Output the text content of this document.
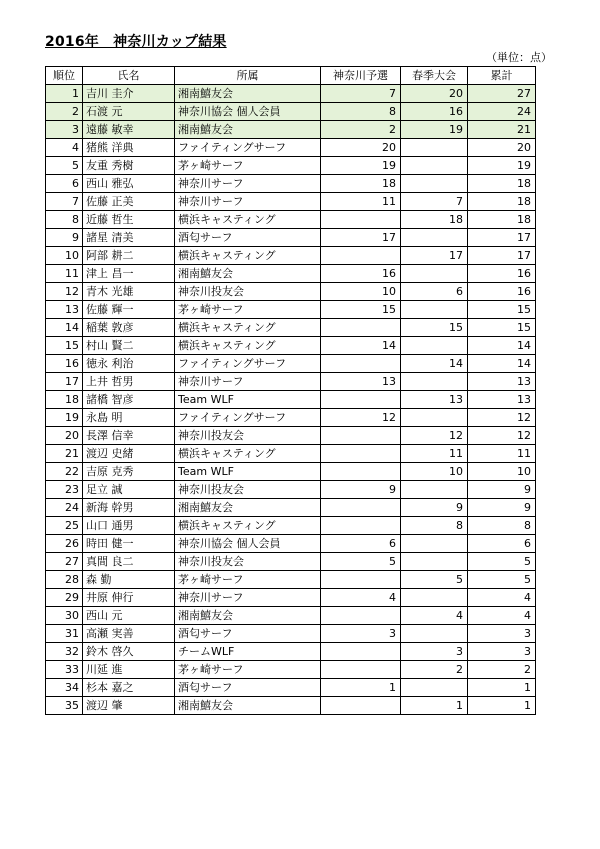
2016年　神奈川カップ結果
（単位：点）
順位	氏名	所属	神奈川予選	春季大会	累計
1	吉川 圭介	湘南鱚友会	7	20	27
2	石渡 元	神奈川協会 個人会員	8	16	24
3	遠藤 敏幸	湘南鱚友会	2	19	21
4	猪熊 洋典	ファイティングサーフ	20		20
5	友重 秀樹	茅ヶ崎サーフ	19		19
6	西山 雅弘	神奈川サーフ	18		18
7	佐藤 正美	神奈川サーフ	11	7	18
8	近藤 哲生	横浜キャスティング		18	18
9	諸星 清美	酒匂サーフ	17		17
10	阿部 耕二	横浜キャスティング		17	17
11	津上 昌一	湘南鱚友会	16		16
12	青木 光雄	神奈川投友会	10	6	16
13	佐藤 輝一	茅ヶ崎サーフ	15		15
14	稲葉 敦彦	横浜キャスティング		15	15
15	村山 賢二	横浜キャスティング	14		14
16	徳永 利治	ファイティングサーフ		14	14
17	上井 哲男	神奈川サーフ	13		13
18	諸橋 智彦	Team WLF		13	13
19	永島 明	ファイティングサーフ	12		12
20	長澤 信幸	神奈川投友会		12	12
21	渡辺 史緒	横浜キャスティング		11	11
22	吉原 克秀	Team WLF		10	10
23	足立 誠	神奈川投友会	9		9
24	新海 幹男	湘南鱚友会		9	9
25	山口 通男	横浜キャスティング		8	8
26	時田 健一	神奈川協会 個人会員	6		6
27	真間 良二	神奈川投友会	5		5
28	森 勤	茅ヶ崎サーフ		5	5
29	井原 伸行	神奈川サーフ	4		4
30	西山 元	湘南鱚友会		4	4
31	高瀬 実善	酒匂サーフ	3		3
32	鈴木 啓久	チームWLF		3	3
33	川延 進	茅ヶ崎サーフ		2	2
34	杉本 嘉之	酒匂サーフ	1		1
35	渡辺 肇	湘南鱚友会		1	1
